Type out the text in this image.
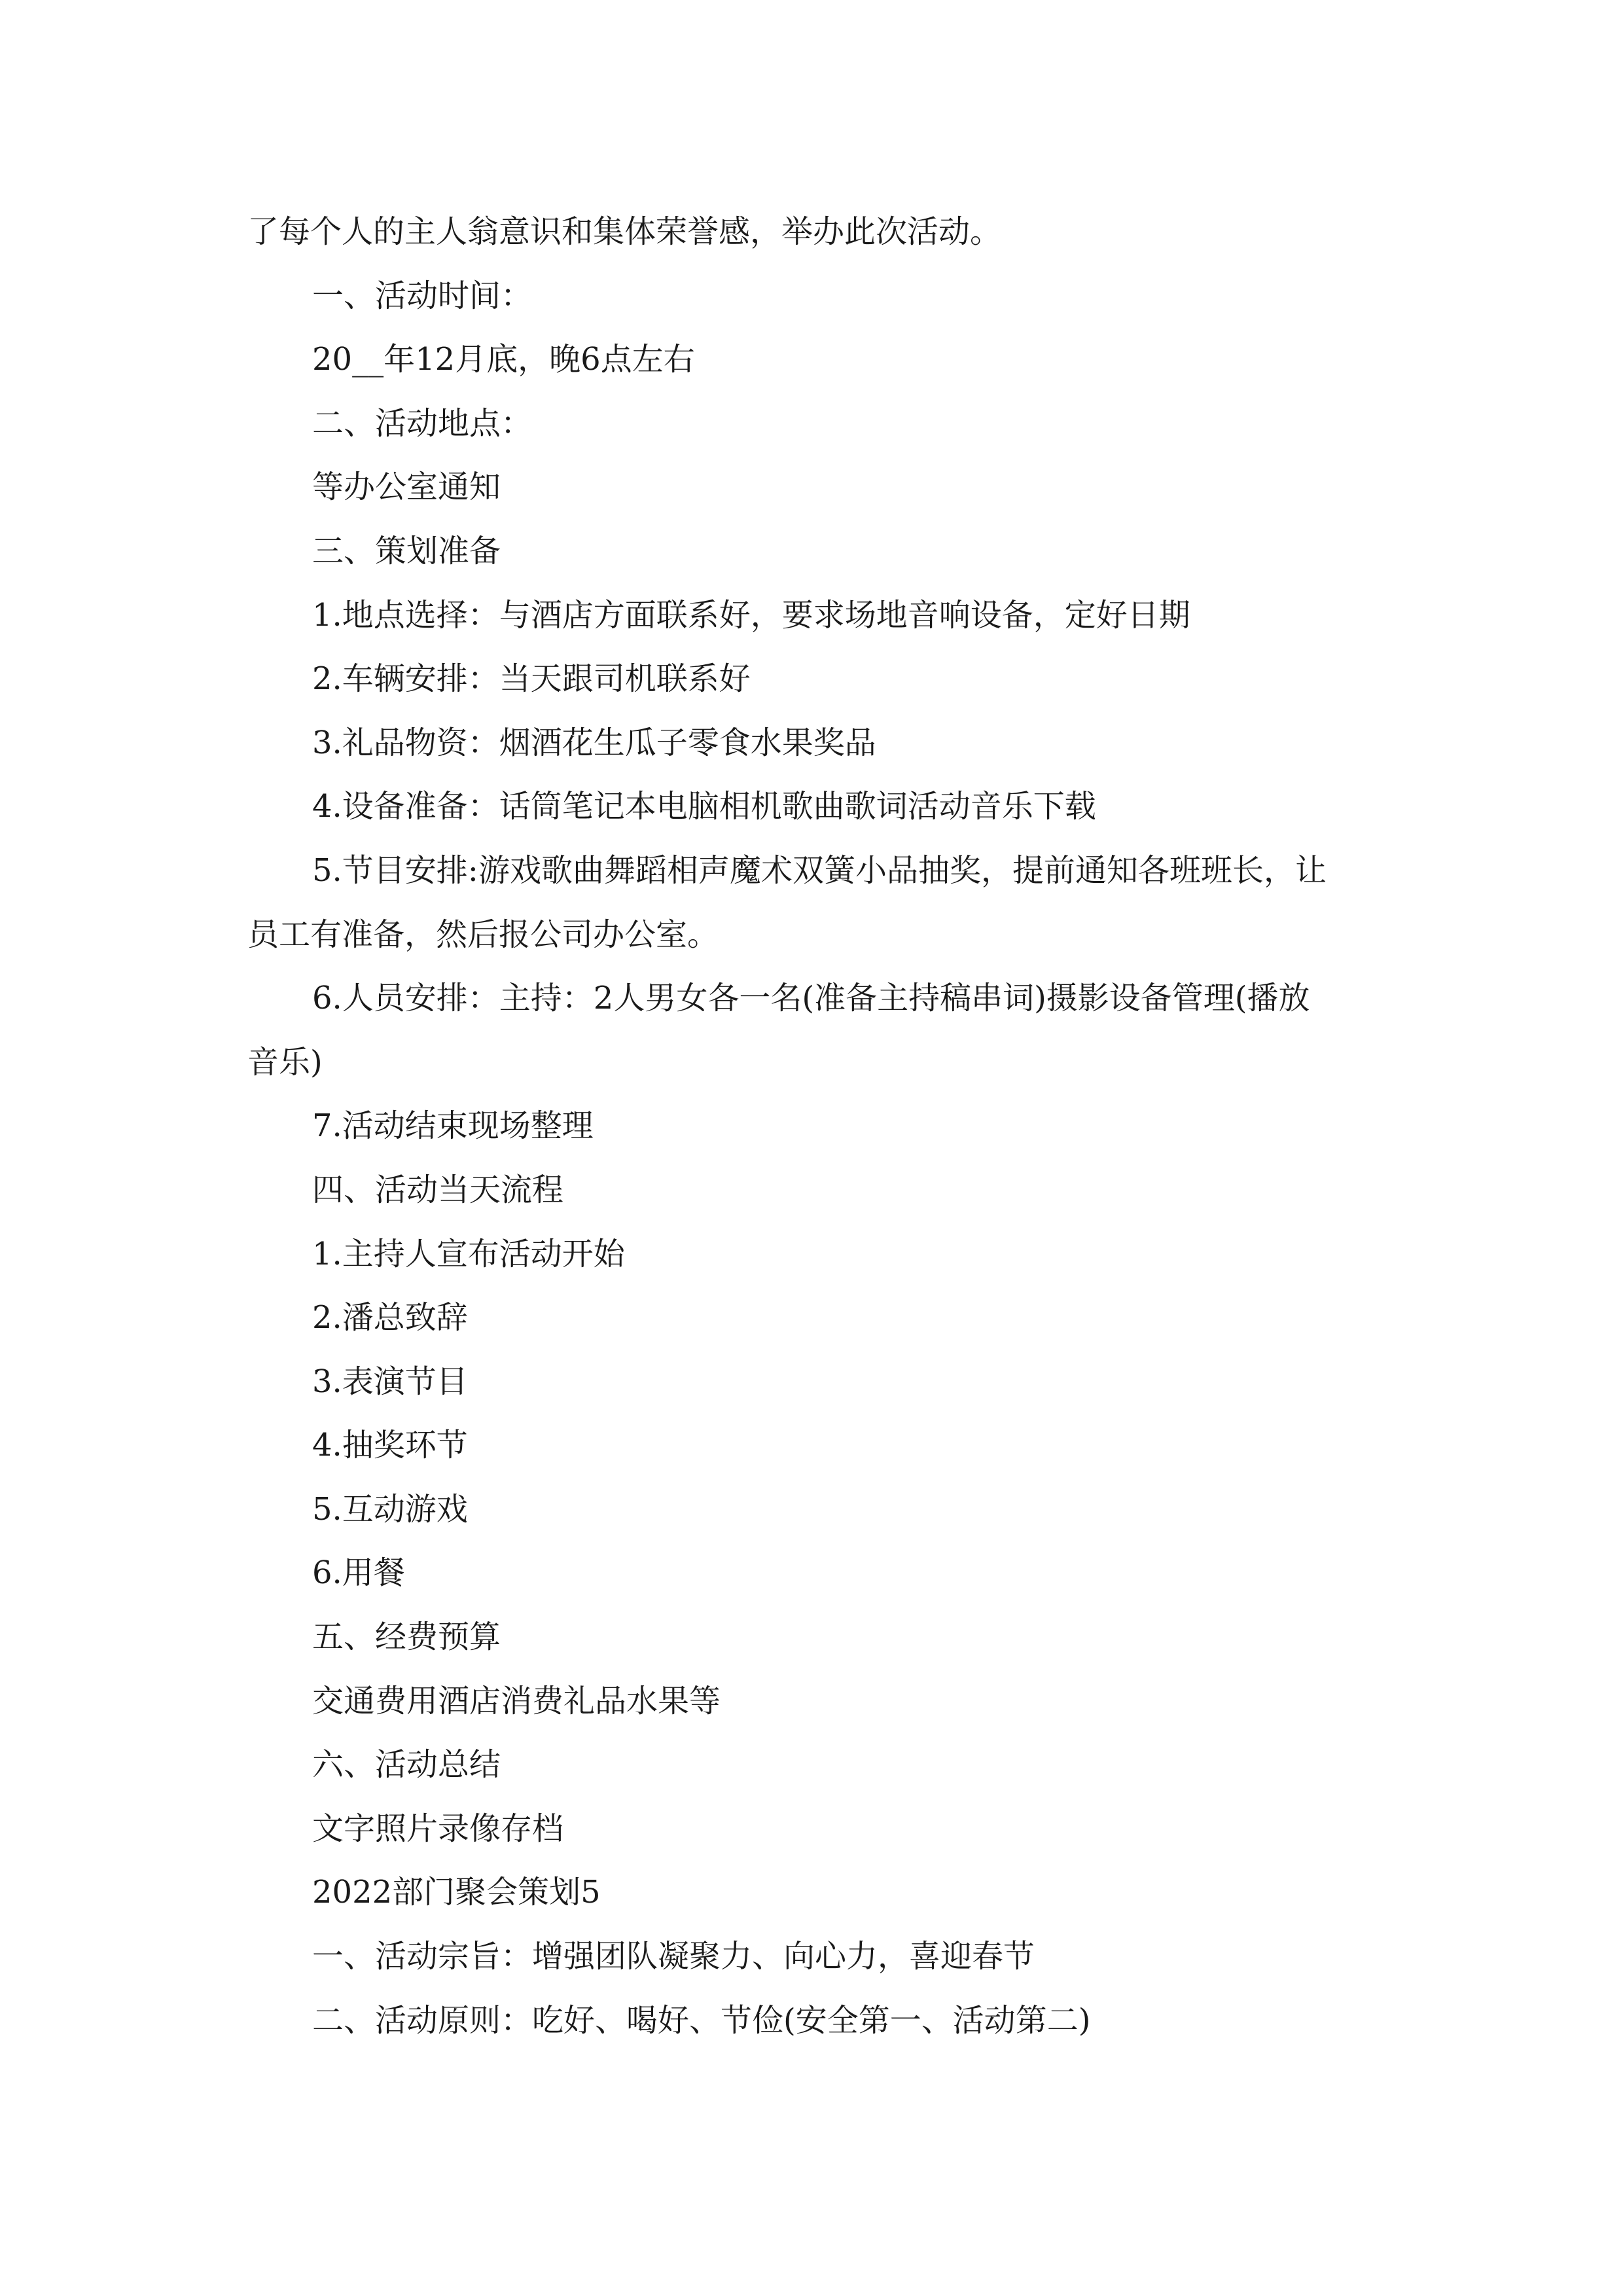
了每个人的主人翁意识和集体荣誉感，举办此次活动。
一、活动时间：
20__年12月底，晚6点左右
二、活动地点：
等办公室通知
三、策划准备
1.地点选择：与酒店方面联系好，要求场地音响设备，定好日期
2.车辆安排：当天跟司机联系好
3.礼品物资：烟酒花生瓜子零食水果奖品
4.设备准备：话筒笔记本电脑相机歌曲歌词活动音乐下载
5.节目安排:游戏歌曲舞蹈相声魔术双簧小品抽奖，提前通知各班班长，让
员工有准备，然后报公司办公室。
6.人员安排：主持：2人男女各一名(准备主持稿串词)摄影设备管理(播放
音乐)
7.活动结束现场整理
四、活动当天流程
1.主持人宣布活动开始
2.潘总致辞
3.表演节目
4.抽奖环节
5.互动游戏
6.用餐
五、经费预算
交通费用酒店消费礼品水果等
六、活动总结
文字照片录像存档
2022部门聚会策划5
一、活动宗旨：增强团队凝聚力、向心力，喜迎春节
二、活动原则：吃好、喝好、节俭(安全第一、活动第二)
